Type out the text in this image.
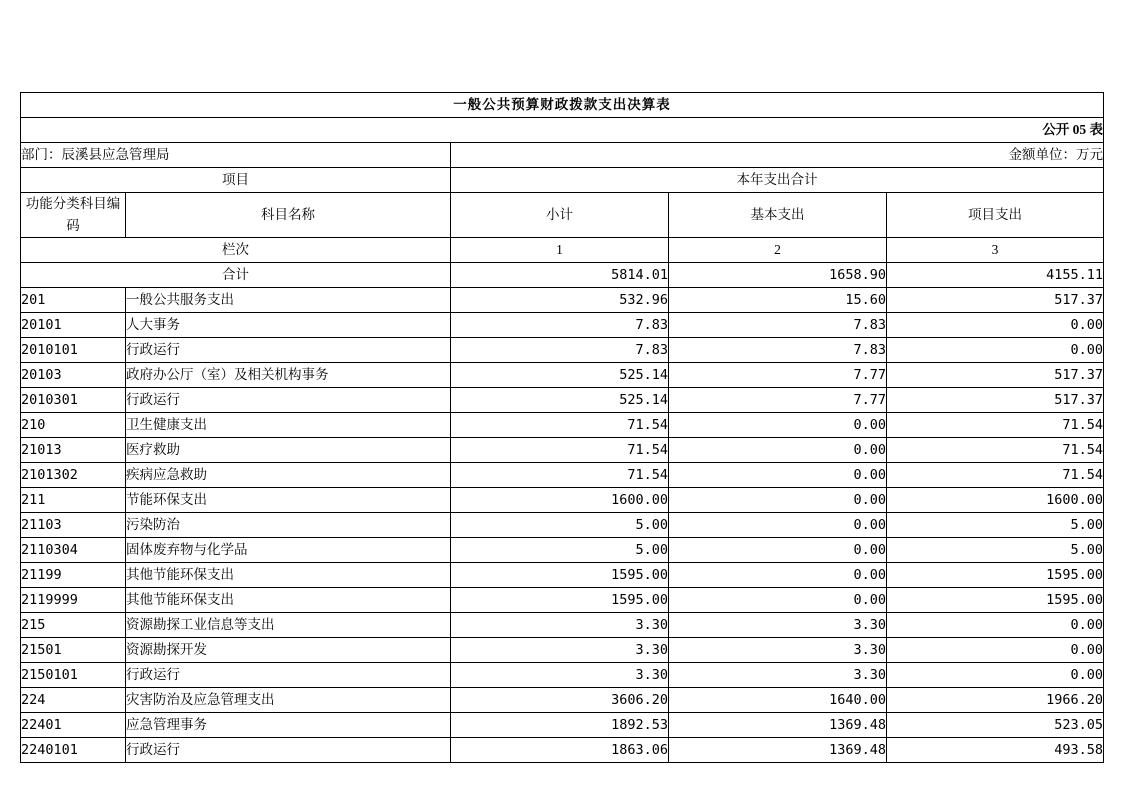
一般公共预算财政拨款支出决算表				
公开 05 表				
部门：辰溪县应急管理局		金额单位：万元		
项目		本年支出合计		
功能分类科目编码	科目名称	小计	基本支出	项目支出
栏次		1	2	3
合计		5814.01	1658.90	4155.11
201	一般公共服务支出	532.96	15.60	517.37
20101	人大事务	7.83	7.83	0.00
2010101	行政运行	7.83	7.83	0.00
20103	政府办公厅（室）及相关机构事务	525.14	7.77	517.37
2010301	行政运行	525.14	7.77	517.37
210	卫生健康支出	71.54	0.00	71.54
21013	医疗救助	71.54	0.00	71.54
2101302	疾病应急救助	71.54	0.00	71.54
211	节能环保支出	1600.00	0.00	1600.00
21103	污染防治	5.00	0.00	5.00
2110304	固体废弃物与化学品	5.00	0.00	5.00
21199	其他节能环保支出	1595.00	0.00	1595.00
2119999	其他节能环保支出	1595.00	0.00	1595.00
215	资源勘探工业信息等支出	3.30	3.30	0.00
21501	资源勘探开发	3.30	3.30	0.00
2150101	行政运行	3.30	3.30	0.00
224	灾害防治及应急管理支出	3606.20	1640.00	1966.20
22401	应急管理事务	1892.53	1369.48	523.05
2240101	行政运行	1863.06	1369.48	493.58
